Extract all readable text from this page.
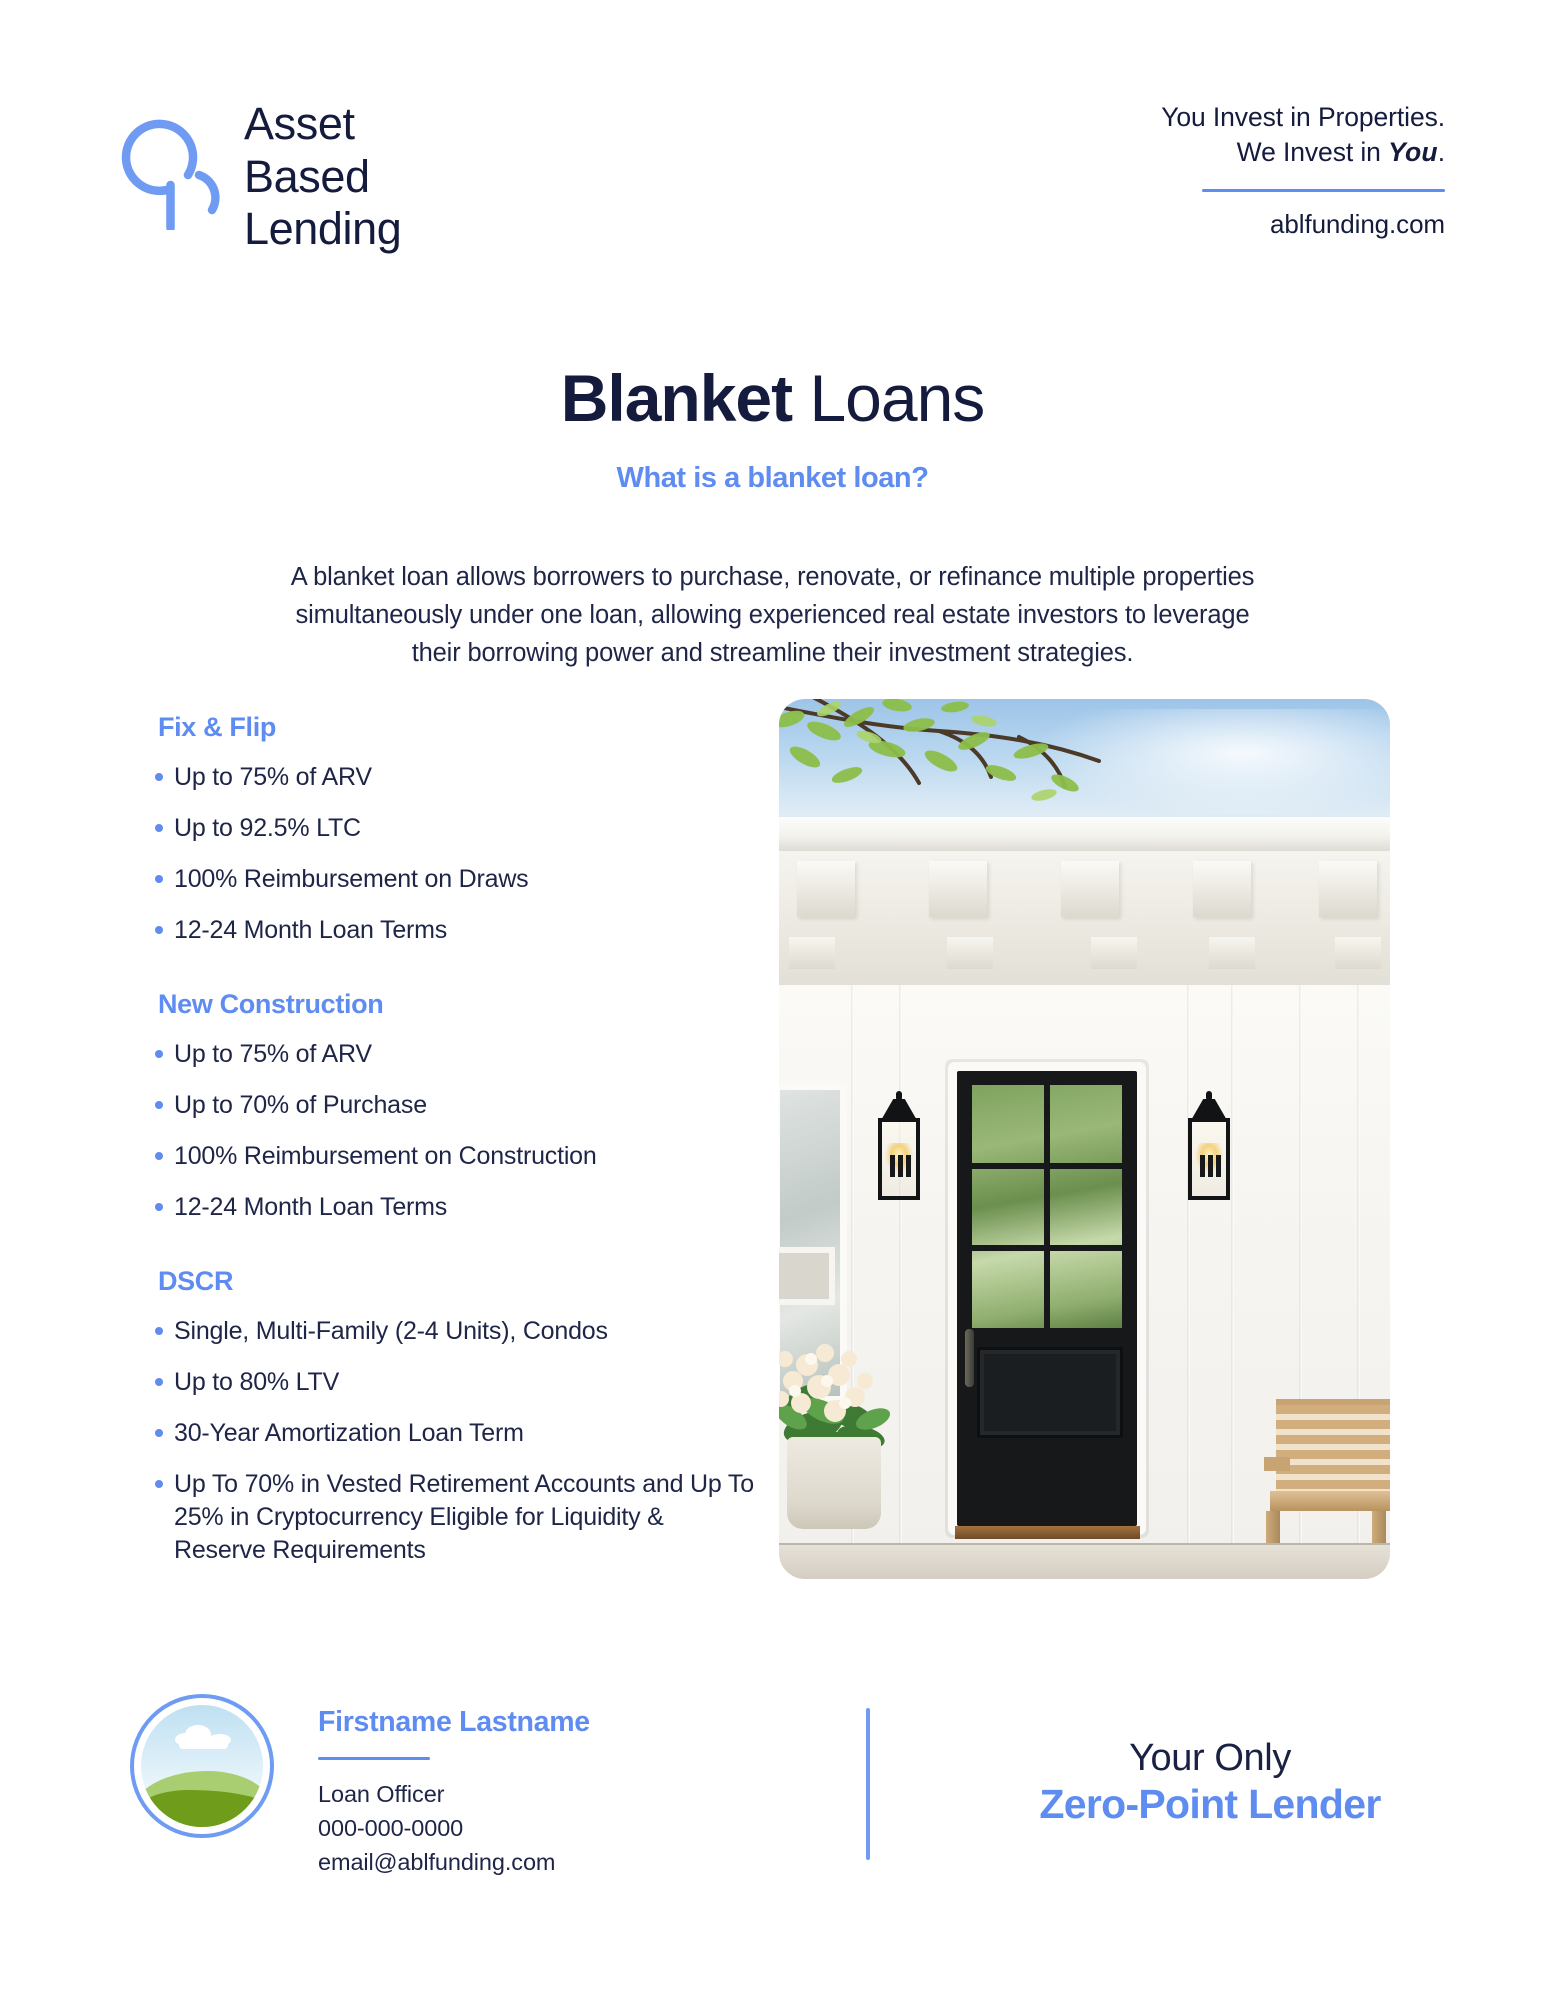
Asset
Based
Lending
You Invest in Properties.
We Invest in You.
ablfunding.com
Blanket Loans
What is a blanket loan?

A blanket loan allows borrowers to purchase, renovate, or refinance multiple properties simultaneously under one loan, allowing experienced real estate investors to leverage their borrowing power and streamline their investment strategies.

Fix & Flip
Up to 75% of ARV
Up to 92.5% LTC
100% Reimbursement on Draws
12-24 Month Loan Terms
New Construction
Up to 75% of ARV
Up to 70% of Purchase
100% Reimbursement on Construction
12-24 Month Loan Terms
DSCR
Single, Multi-Family (2-4 Units), Condos
Up to 80% LTV
30-Year Amortization Loan Term
Up To 70% in Vested Retirement Accounts and Up To 25% in Cryptocurrency Eligible for Liquidity & Reserve Requirements
Firstname Lastname
Loan Officer
000-000-0000
email@ablfunding.com
Your Only
Zero-Point Lender
